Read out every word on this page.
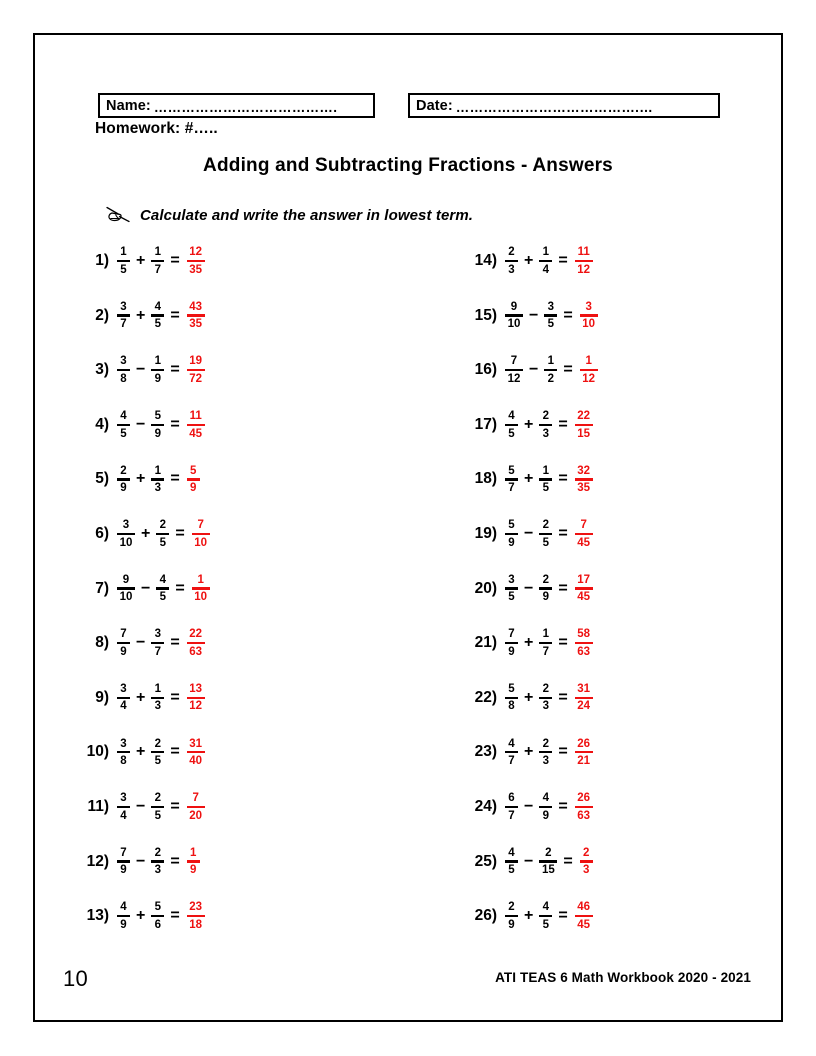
Name: ………………………………….	Date: ………………………………….…
Homework: #…..
Adding and Subtracting Fractions - Answers
Calculate and write the answer in lowest term.
$1) \frac{1}{5} + \frac{1}{7} = \frac{12}{35}$
$2) \frac{3}{7} + \frac{4}{5} = \frac{43}{35}$
$3) \frac{3}{8} - \frac{1}{9} = \frac{19}{72}$
$4) \frac{4}{5} - \frac{5}{9} = \frac{11}{45}$
$5) \frac{2}{9} + \frac{1}{3} = \frac{5}{9}$
$6) \frac{3}{10} + \frac{2}{5} = \frac{7}{10}$
$7) \frac{9}{10} - \frac{4}{5} = \frac{1}{10}$
$8) \frac{7}{9} - \frac{3}{7} = \frac{22}{63}$
$9) \frac{3}{4} + \frac{1}{3} = \frac{13}{12}$
$10) \frac{3}{8} + \frac{2}{5} = \frac{31}{40}$
$11) \frac{3}{4} - \frac{2}{5} = \frac{7}{20}$
$12) \frac{7}{9} - \frac{2}{3} = \frac{1}{9}$
$13) \frac{4}{9} + \frac{5}{6} = \frac{23}{18}$
$14) \frac{2}{3} + \frac{1}{4} = \frac{11}{12}$
$15) \frac{9}{10} - \frac{3}{5} = \frac{3}{10}$
$16) \frac{7}{12} - \frac{1}{2} = \frac{1}{12}$
$17) \frac{4}{5} + \frac{2}{3} = \frac{22}{15}$
$18) \frac{5}{7} + \frac{1}{5} = \frac{32}{35}$
$19) \frac{5}{9} - \frac{2}{5} = \frac{7}{45}$
$20) \frac{3}{5} - \frac{2}{9} = \frac{17}{45}$
$21) \frac{7}{9} + \frac{1}{7} = \frac{58}{63}$
$22) \frac{5}{8} + \frac{2}{3} = \frac{31}{24}$
$23) \frac{4}{7} + \frac{2}{3} = \frac{26}{21}$
$24) \frac{6}{7} - \frac{4}{9} = \frac{26}{63}$
$25) \frac{4}{5} - \frac{2}{15} = \frac{2}{3}$
$26) \frac{2}{9} + \frac{4}{5} = \frac{46}{45}$
10	ATI TEAS 6 Math Workbook 2020 - 2021
